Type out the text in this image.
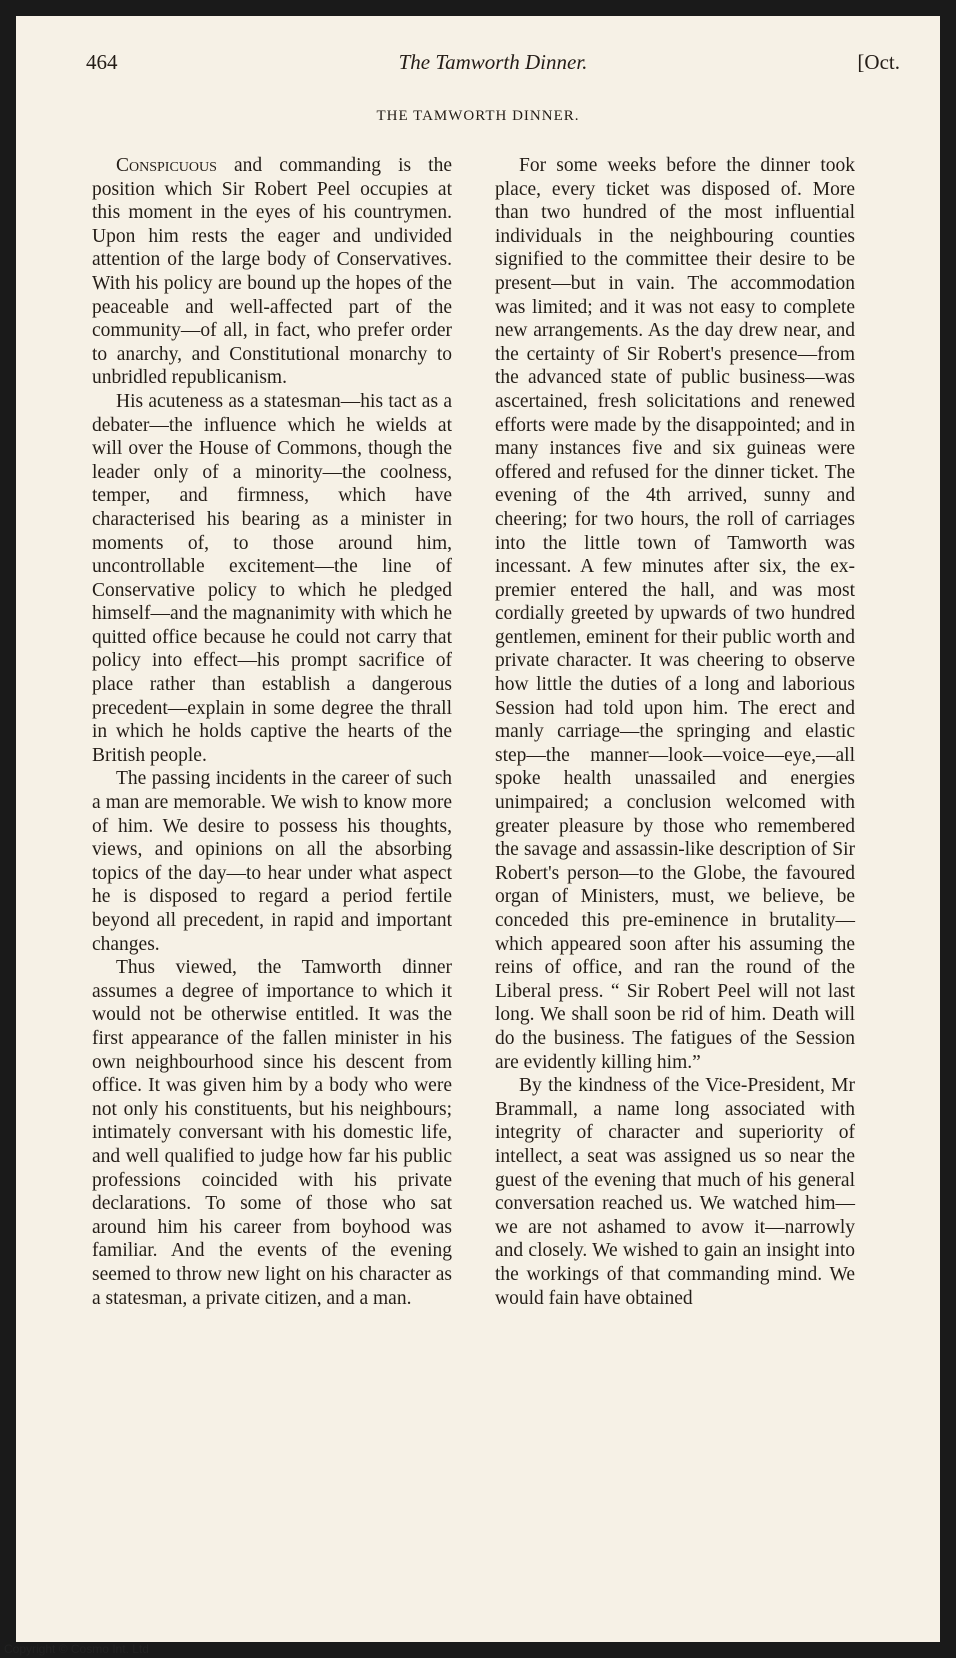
464	The Tamworth Dinner.	[Oct.
THE TAMWORTH DINNER.

Conspicuous and commanding is the position which Sir Robert Peel occupies at this moment in the eyes of his countrymen. Upon him rests the eager and undivided attention of the large body of Conservatives. With his policy are bound up the hopes of the peaceable and well-affected part of the community—of all, in fact, who prefer order to anarchy, and Constitutional monarchy to unbridled republicanism.

His acuteness as a statesman—his tact as a debater—the influence which he wields at will over the House of Commons, though the leader only of a minority—the coolness, temper, and firmness, which have characterised his bearing as a minister in moments of, to those around him, uncontrollable excitement—the line of Conservative policy to which he pledged himself—and the magnanimity with which he quitted office because he could not carry that policy into effect—his prompt sacrifice of place rather than establish a dangerous precedent—explain in some degree the thrall in which he holds captive the hearts of the British people.

The passing incidents in the career of such a man are memorable. We wish to know more of him. We desire to possess his thoughts, views, and opinions on all the absorbing topics of the day—to hear under what aspect he is disposed to regard a period fertile beyond all precedent, in rapid and important changes.

Thus viewed, the Tamworth dinner assumes a degree of importance to which it would not be otherwise entitled. It was the first appearance of the fallen minister in his own neighbourhood since his descent from office. It was given him by a body who were not only his constituents, but his neighbours; intimately conversant with his domestic life, and well qualified to judge how far his public professions coincided with his private declarations. To some of those who sat around him his career from boyhood was familiar. And the events of the evening seemed to throw new light on his character as a statesman, a private citizen, and a man.

For some weeks before the dinner took place, every ticket was disposed of. More than two hundred of the most influential individuals in the neighbouring counties signified to the committee their desire to be present—but in vain. The accommodation was limited; and it was not easy to complete new arrangements. As the day drew near, and the certainty of Sir Robert's presence—from the advanced state of public business—was ascertained, fresh solicitations and renewed efforts were made by the disappointed; and in many instances five and six guineas were offered and refused for the dinner ticket. The evening of the 4th arrived, sunny and cheering; for two hours, the roll of carriages into the little town of Tamworth was incessant. A few minutes after six, the ex-premier entered the hall, and was most cordially greeted by upwards of two hundred gentlemen, eminent for their public worth and private character. It was cheering to observe how little the duties of a long and laborious Session had told upon him. The erect and manly carriage—the springing and elastic step—the manner—look—voice—eye,—all spoke health unassailed and energies unimpaired; a conclusion welcomed with greater pleasure by those who remembered the savage and assassin-like description of Sir Robert's person—to the Globe, the favoured organ of Ministers, must, we believe, be conceded this pre-eminence in brutality—which appeared soon after his assuming the reins of office, and ran the round of the Liberal press. “ Sir Robert Peel will not last long. We shall soon be rid of him. Death will do the business. The fatigues of the Session are evidently killing him.”

By the kindness of the Vice-President, Mr Brammall, a name long associated with integrity of character and superiority of intellect, a seat was assigned us so near the guest of the evening that much of his general conversation reached us. We watched him—we are not ashamed to avow it—narrowly and closely. We wished to gain an insight into the workings of that commanding mind. We would fain have obtained

Copyright © Cosmo Int. Ltd
